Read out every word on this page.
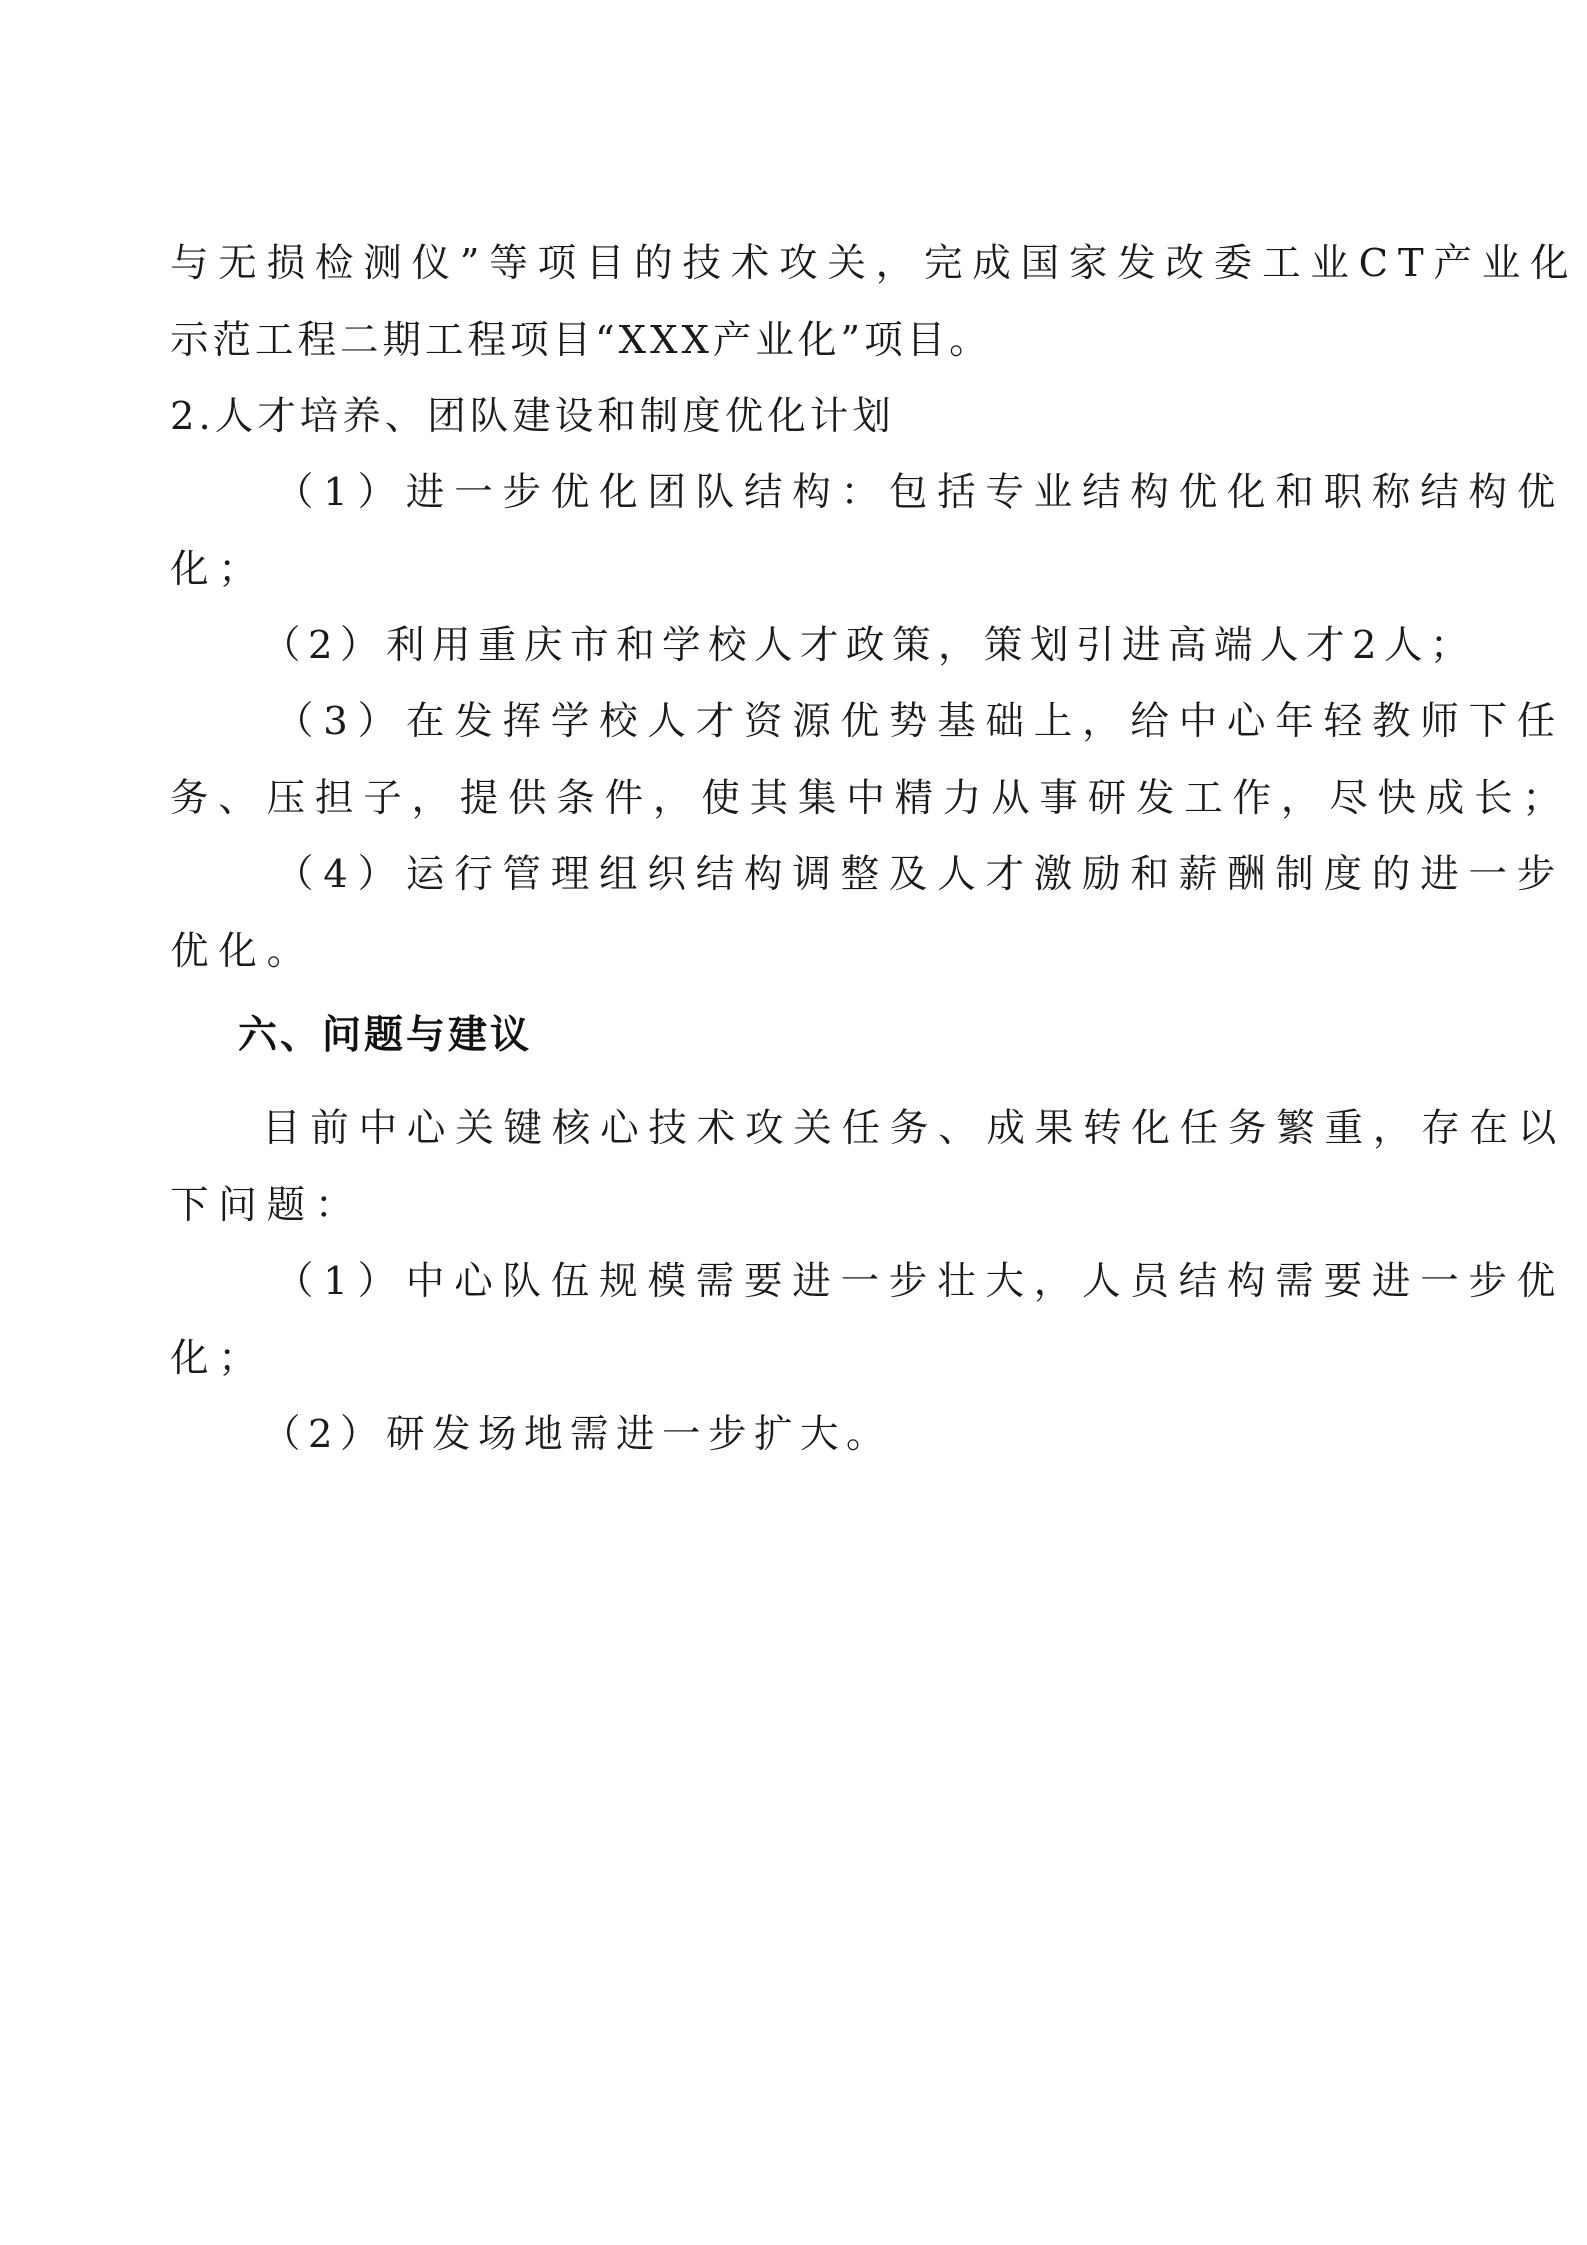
与无损检测仪”等项目的技术攻关，完成国家发改委工业CT产业化
示范工程二期工程项目“XXX产业化”项目。
2.人才培养、团队建设和制度优化计划
（1）进一步优化团队结构：包括专业结构优化和职称结构优
化；
（2）利用重庆市和学校人才政策，策划引进高端人才2人；
（3）在发挥学校人才资源优势基础上，给中心年轻教师下任
务、压担子，提供条件，使其集中精力从事研发工作，尽快成长；
（4）运行管理组织结构调整及人才激励和薪酬制度的进一步
优化。
六、问题与建议
目前中心关键核心技术攻关任务、成果转化任务繁重，存在以
下问题：
（1）中心队伍规模需要进一步壮大，人员结构需要进一步优
化；
（2）研发场地需进一步扩大。
